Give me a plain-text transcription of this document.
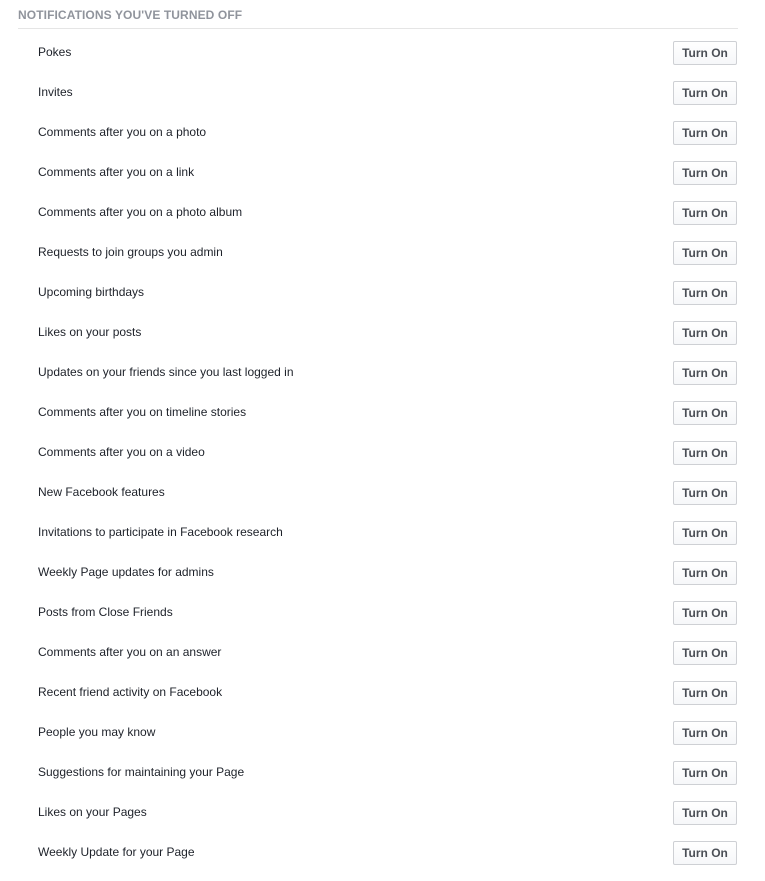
NOTIFICATIONS YOU'VE TURNED OFF
Pokes	Turn On
Invites	Turn On
Comments after you on a photo	Turn On
Comments after you on a link	Turn On
Comments after you on a photo album	Turn On
Requests to join groups you admin	Turn On
Upcoming birthdays	Turn On
Likes on your posts	Turn On
Updates on your friends since you last logged in	Turn On
Comments after you on timeline stories	Turn On
Comments after you on a video	Turn On
New Facebook features	Turn On
Invitations to participate in Facebook research	Turn On
Weekly Page updates for admins	Turn On
Posts from Close Friends	Turn On
Comments after you on an answer	Turn On
Recent friend activity on Facebook	Turn On
People you may know	Turn On
Suggestions for maintaining your Page	Turn On
Likes on your Pages	Turn On
Weekly Update for your Page	Turn On
